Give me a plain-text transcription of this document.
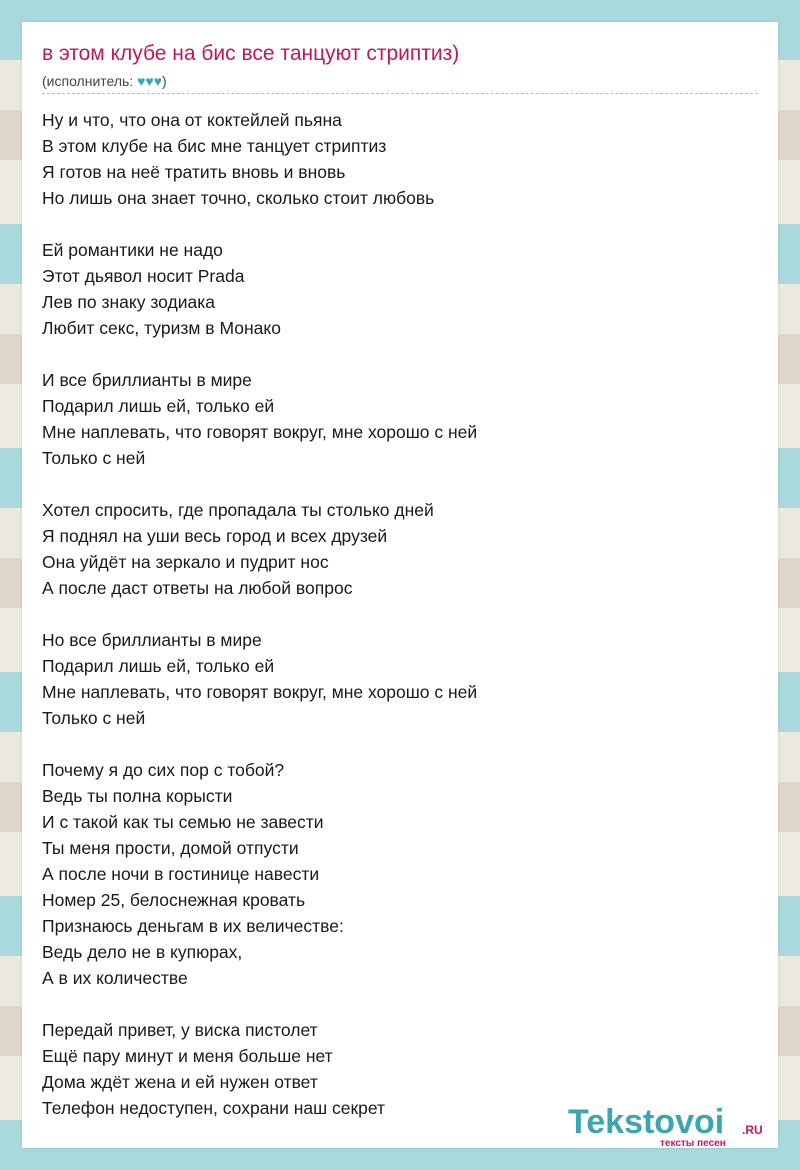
в этом клубе на бис все танцуют стриптиз)
(исполнитель: ♥♥♥)
Ну и что, что она от коктейлей пьяна
В этом клубе на бис мне танцует стриптиз
Я готов на неё тратить вновь и вновь
Но лишь она знает точно, сколько стоит любовь
Ей романтики не надо
Этот дьявол носит Prada
Лев по знаку зодиака
Любит секс, туризм в Монако
И все бриллианты в мире
Подарил лишь ей, только ей
Мне наплевать, что говорят вокруг, мне хорошо с ней
Только с ней
Хотел спросить, где пропадала ты столько дней
Я поднял на уши весь город и всех друзей
Она уйдёт на зеркало и пудрит нос
А после даст ответы на любой вопрос
Но все бриллианты в мире
Подарил лишь ей, только ей
Мне наплевать, что говорят вокруг, мне хорошо с ней
Только с ней
Почему я до сих пор с тобой?
Ведь ты полна корысти
И с такой как ты семью не завести
Ты меня прости, домой отпусти
А после ночи в гостинице навести
Номер 25, белоснежная кровать
Признаюсь деньгам в их величестве:
Ведь дело не в купюрах,
А в их количестве
Передай привет, у виска пистолет
Ещё пару минут и меня больше нет
Дома ждёт жена и ей нужен ответ
Телефон недоступен, сохрани наш секрет	Tekstovoi .RU
тексты песен
